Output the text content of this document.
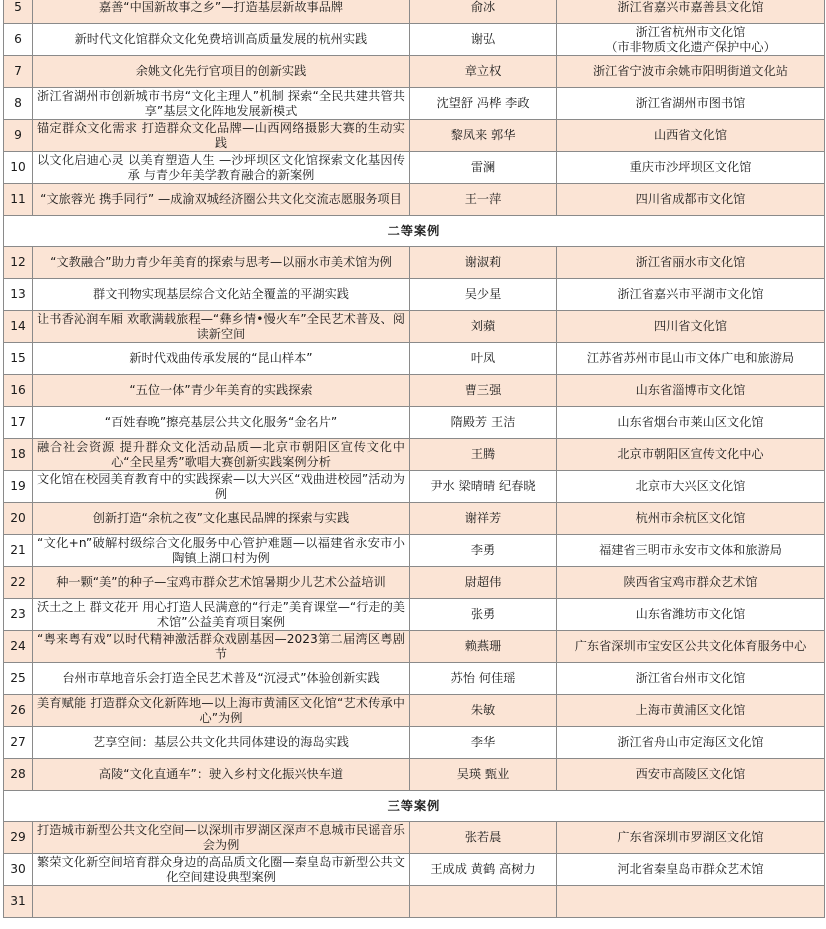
5	嘉善“中国新故事之乡”—打造基层新故事品牌	俞冰	浙江省嘉兴市嘉善县文化馆

6	新时代文化馆群众文化免费培训高质量发展的杭州实践	谢弘	浙江省杭州市文化馆
（市非物质文化遗产保护中心）

7	余姚文化先行官项目的创新实践	章立权	浙江省宁波市余姚市阳明街道文化站

8	浙江省湖州市创新城市书房“文化主理人”机制 探索“全民共建共管共享”基层文化阵地发展新模式	沈望舒 冯桦 李政	浙江省湖州市图书馆

9	锚定群众文化需求 打造群众文化品牌—山西网络摄影大赛的生动实践	黎凤来 郭华	山西省文化馆

10	以文化启迪心灵 以美育塑造人生 —沙坪坝区文化馆探索文化基因传承 与青少年美学教育融合的新案例	雷澜	重庆市沙坪坝区文化馆

11	“文旅蓉光 携手同行” —成渝双城经济圈公共文化交流志愿服务项目	王一萍	四川省成都市文化馆

二等案例			

12	“文教融合”助力青少年美育的探索与思考—以丽水市美术馆为例	谢淑莉	浙江省丽水市文化馆

13	群文刊物实现基层综合文化站全覆盖的平湖实践	吴少星	浙江省嘉兴市平湖市文化馆

14	让书香沁润车厢 欢歌满载旅程—“彝乡情•慢火车”全民艺术普及、阅读新空间	刘蘋	四川省文化馆

15	新时代戏曲传承发展的“昆山样本”	叶凤	江苏省苏州市昆山市文体广电和旅游局

16	“五位一体”青少年美育的实践探索	曹三强	山东省淄博市文化馆

17	“百姓春晚”擦亮基层公共文化服务“金名片”	隋殿芳 王洁	山东省烟台市莱山区文化馆

18	融合社会资源 提升群众文化活动品质—北京市朝阳区宣传文化中心“全民星秀”歌唱大赛创新实践案例分析	王腾	北京市朝阳区宣传文化中心

19	文化馆在校园美育教育中的实践探索—以大兴区“戏曲进校园”活动为例	尹水 梁晴晴 纪春晓	北京市大兴区文化馆

20	创新打造“余杭之夜”文化惠民品牌的探索与实践	谢祥芳	杭州市余杭区文化馆

21	“文化+n”破解村级综合文化服务中心管护难题—以福建省永安市小陶镇上湖口村为例	李勇	福建省三明市永安市文体和旅游局

22	种一颗“美”的种子—宝鸡市群众艺术馆暑期少儿艺术公益培训	尉超伟	陕西省宝鸡市群众艺术馆

23	沃土之上 群文花开 用心打造人民满意的“行走”美育课堂—“行走的美术馆”公益美育项目案例	张勇	山东省潍坊市文化馆

24	“粤来粤有戏”以时代精神激活群众戏剧基因—2023第二届湾区粤剧节	赖燕珊	广东省深圳市宝安区公共文化体育服务中心

25	台州市草地音乐会打造全民艺术普及“沉浸式”体验创新实践	苏怡 何佳瑶	浙江省台州市文化馆

26	美育赋能 打造群众文化新阵地—以上海市黄浦区文化馆“艺术传承中心”为例	朱敏	上海市黄浦区文化馆

27	艺享空间：基层公共文化共同体建设的海岛实践	李华	浙江省舟山市定海区文化馆

28	高陵“文化直通车”：驶入乡村文化振兴快车道	吴瑛 甄业	西安市高陵区文化馆

三等案例			

29	打造城市新型公共文化空间—以深圳市罗湖区深声不息城市民谣音乐会为例	张若晨	广东省深圳市罗湖区文化馆

30	繁荣文化新空间培育群众身边的高品质文化圈—秦皇岛市新型公共文化空间建设典型案例	王成成 黄鹤 高树力	河北省秦皇岛市群众艺术馆

31			
